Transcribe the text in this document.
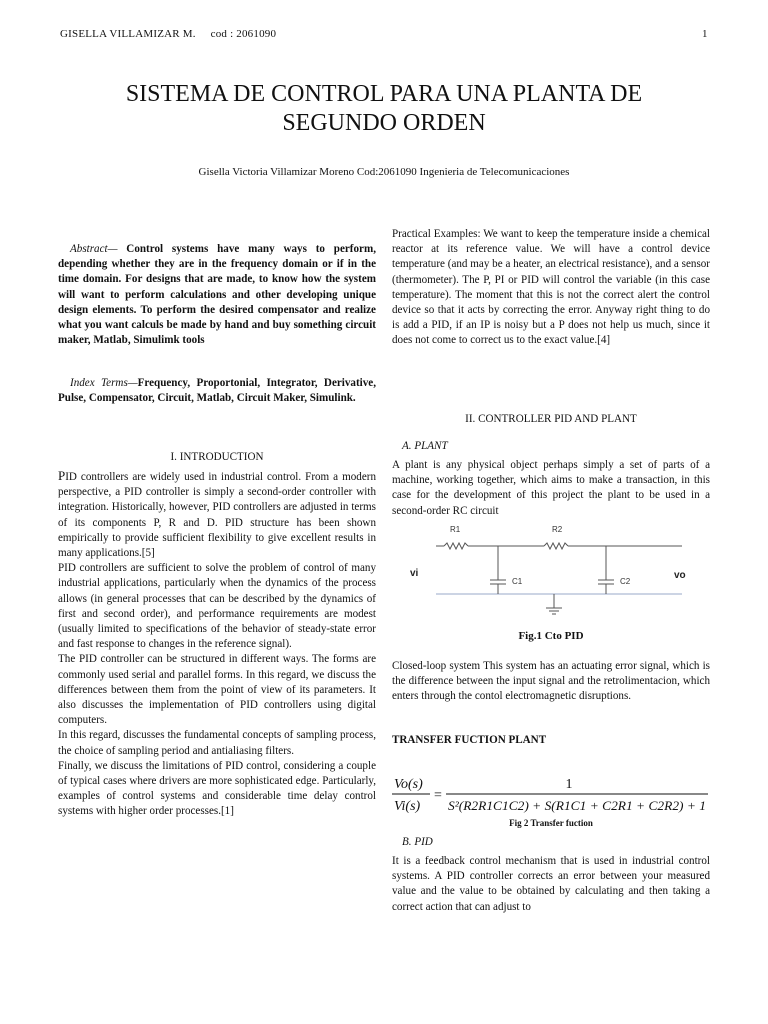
GISELLA VILLAMIZAR M. cod : 2061090	1
SISTEMA DE CONTROL PARA UNA PLANTA DE
SEGUNDO ORDEN
Gisella Victoria Villamizar Moreno Cod:2061090 Ingenieria de Telecomunicaciones
Abstract— Control systems have many ways to perform, depending whether they are in the frequency domain or if in the time domain. For designs that are made, to know how the system will want to perform calculations and other developing unique design elements. To perform the desired compensator and realize what you want calculs be made by hand and buy something circuit maker, Matlab, Simulimk tools
Index Terms—Frequency, Proportonial, Integrator, Derivative, Pulse, Compensator, Circuit, Matlab, Circuit Maker, Simulink.
I. INTRODUCTION

PID controllers are widely used in industrial control. From a modern perspective, a PID controller is simply a second-order controller with integration. Historically, however, PID controllers are adjusted in terms of its components P, R and D. PID structure has been shown empirically to provide sufficient flexibility to give excellent results in many applications.[5]

PID controllers are sufficient to solve the problem of control of many industrial applications, particularly when the dynamics of the process allows (in general processes that can be described by the dynamics of first and second order), and performance requirements are modest (usually limited to specifications of the behavior of steady-state error and fast response to changes in the reference signal).

The PID controller can be structured in different ways. The forms are commonly used serial and parallel forms. In this regard, we discuss the differences between them from the point of view of its parameters. It also discusses the implementation of PID controllers using digital computers.

In this regard, discusses the fundamental concepts of sampling process, the choice of sampling period and antialiasing filters.

Finally, we discuss the limitations of PID control, considering a couple of typical cases where drivers are more sophisticated edge. Particularly, examples of control systems and considerable time delay control systems with higher order processes.[1]

Practical Examples: We want to keep the temperature inside a chemical reactor at its reference value. We will have a control device temperature (and may be a heater, an electrical resistance), and a sensor (thermometer). The P, PI or PID will control the variable (in this case temperature). The moment that this is not the correct alert the control device so that it acts by correcting the error. Anyway right thing to do is add a PID, if an IP is noisy but a P does not help us much, since it does not come to correct us to the exact value.[4]
II. CONTROLLER PID AND PLANT
A. PLANT
A plant is any physical object perhaps simply a set of parts of a machine, working together, which aims to make a transaction, in this case for the development of this project the plant to be used in a second-order RC circuit
R1	R2
C1	C2
vi	vo
Fig.1 Cto PID
Closed-loop system This system has an actuating error signal, which is the difference between the input signal and the retrolimentacion, which enters through the contol electromagnetic disruptions.
TRANSFER FUCTION PLANT
Vo(s)
Vi(s)
=
1
S²(R2R1C1C2) + S(R1C1 + C2R1 + C2R2) + 1
Fig 2 Transfer fuction
B. PID
It is a feedback control mechanism that is used in industrial control systems. A PID controller corrects an error between your measured value and the value to be obtained by calculating and then taking a correct action that can adjust to
